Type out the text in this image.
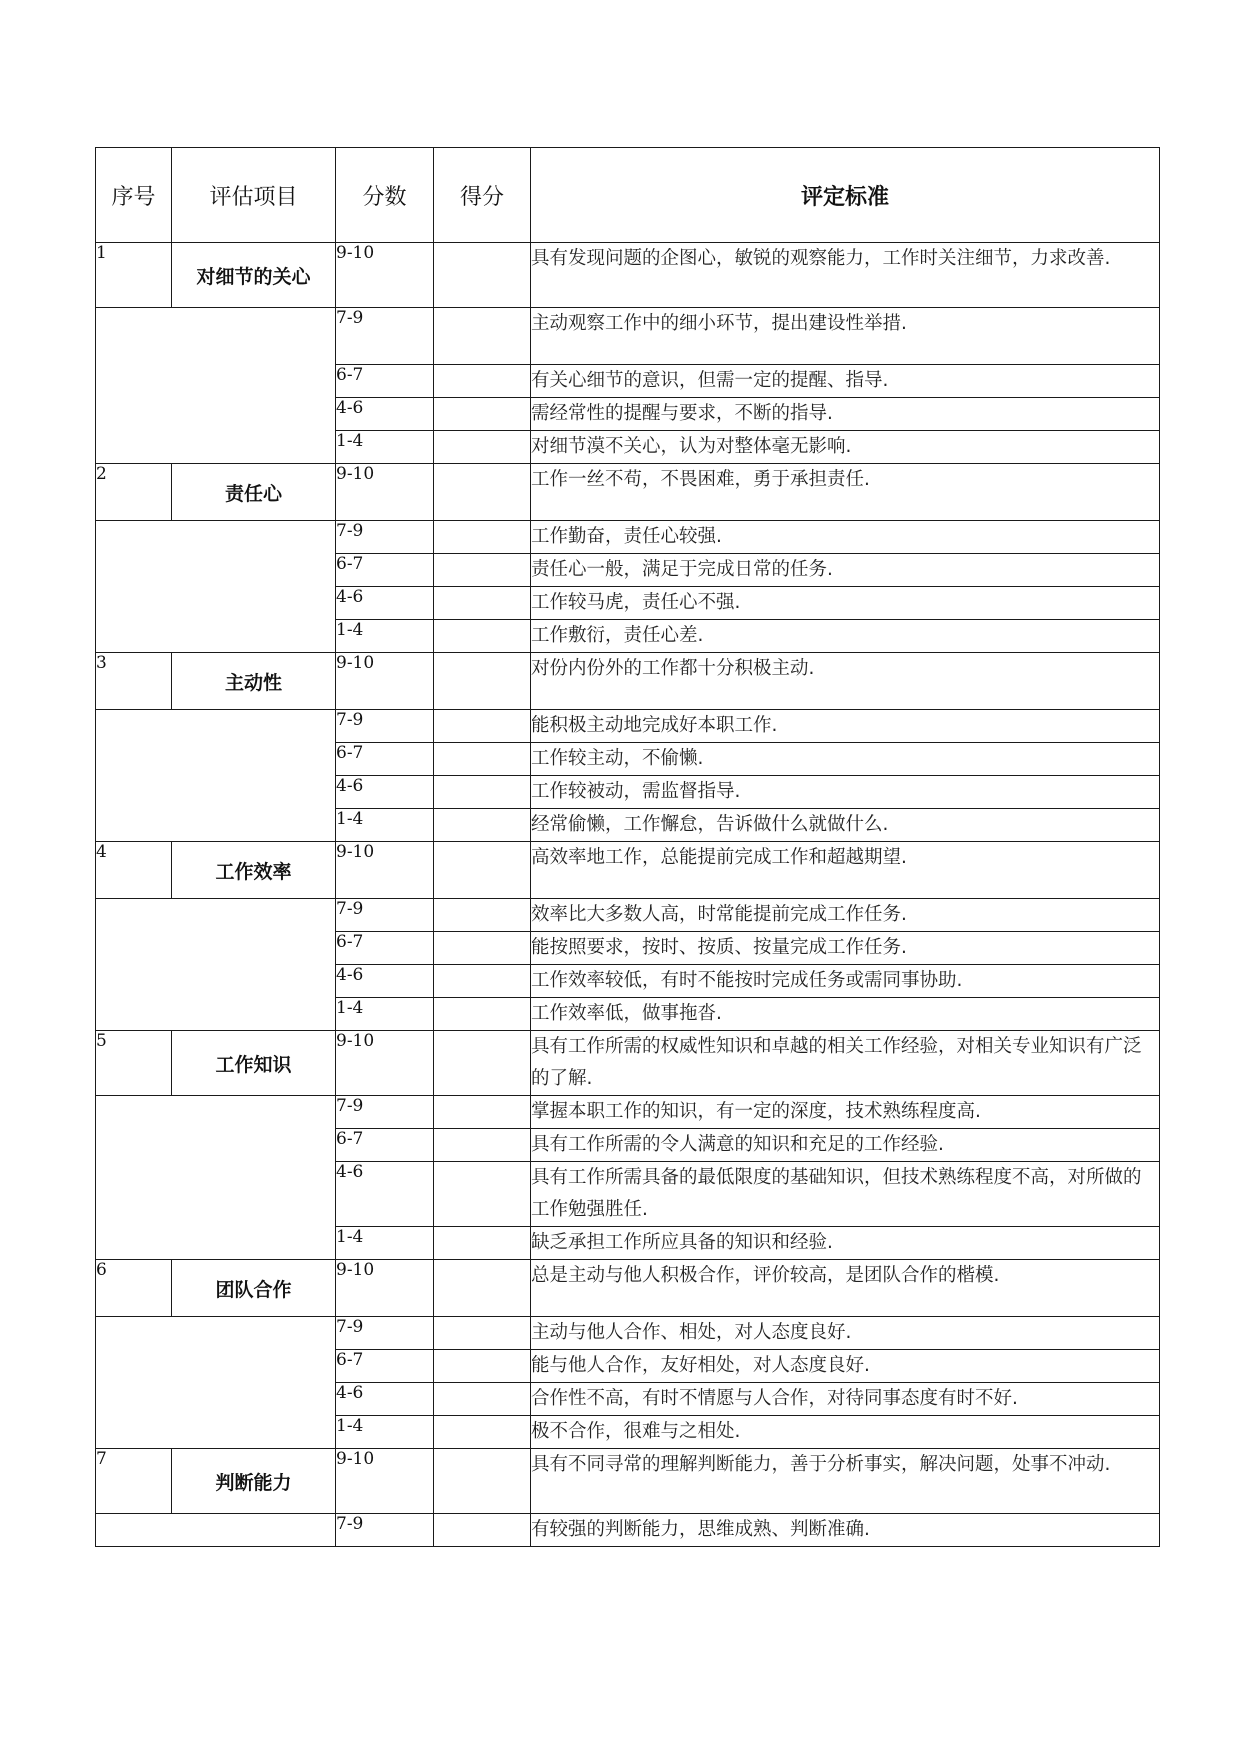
序号	评估项目	分数	得分	评定标准
1	对细节的关心	9-10		具有发现问题的企图心，敏锐的观察能力，工作时关注细节，力求改善.
		7-9		主动观察工作中的细小环节，提出建设性举措.
		6-7		有关心细节的意识，但需一定的提醒、指导.
		4-6		需经常性的提醒与要求，不断的指导.
		1-4		对细节漠不关心，认为对整体毫无影响.
2	责任心	9-10		工作一丝不苟，不畏困难，勇于承担责任.
		7-9		工作勤奋，责任心较强.
		6-7		责任心一般，满足于完成日常的任务.
		4-6		工作较马虎，责任心不强.
		1-4		工作敷衍，责任心差.
3	主动性	9-10		对份内份外的工作都十分积极主动.
		7-9		能积极主动地完成好本职工作.
		6-7		工作较主动，不偷懒.
		4-6		工作较被动，需监督指导.
		1-4		经常偷懒，工作懈怠，告诉做什么就做什么.
4	工作效率	9-10		高效率地工作，总能提前完成工作和超越期望.
		7-9		效率比大多数人高，时常能提前完成工作任务.
		6-7		能按照要求，按时、按质、按量完成工作任务.
		4-6		工作效率较低，有时不能按时完成任务或需同事协助.
		1-4		工作效率低，做事拖沓.
5	工作知识	9-10		具有工作所需的权威性知识和卓越的相关工作经验，对相关专业知识有广泛的了解.
		7-9		掌握本职工作的知识，有一定的深度，技术熟练程度高.
		6-7		具有工作所需的令人满意的知识和充足的工作经验.
		4-6		具有工作所需具备的最低限度的基础知识，但技术熟练程度不高，对所做的工作勉强胜任.
		1-4		缺乏承担工作所应具备的知识和经验.
6	团队合作	9-10		总是主动与他人积极合作，评价较高，是团队合作的楷模.
		7-9		主动与他人合作、相处，对人态度良好.
		6-7		能与他人合作，友好相处，对人态度良好.
		4-6		合作性不高，有时不情愿与人合作，对待同事态度有时不好.
		1-4		极不合作，很难与之相处.
7	判断能力	9-10		具有不同寻常的理解判断能力，善于分析事实，解决问题，处事不冲动.
		7-9		有较强的判断能力，思维成熟、判断准确.
